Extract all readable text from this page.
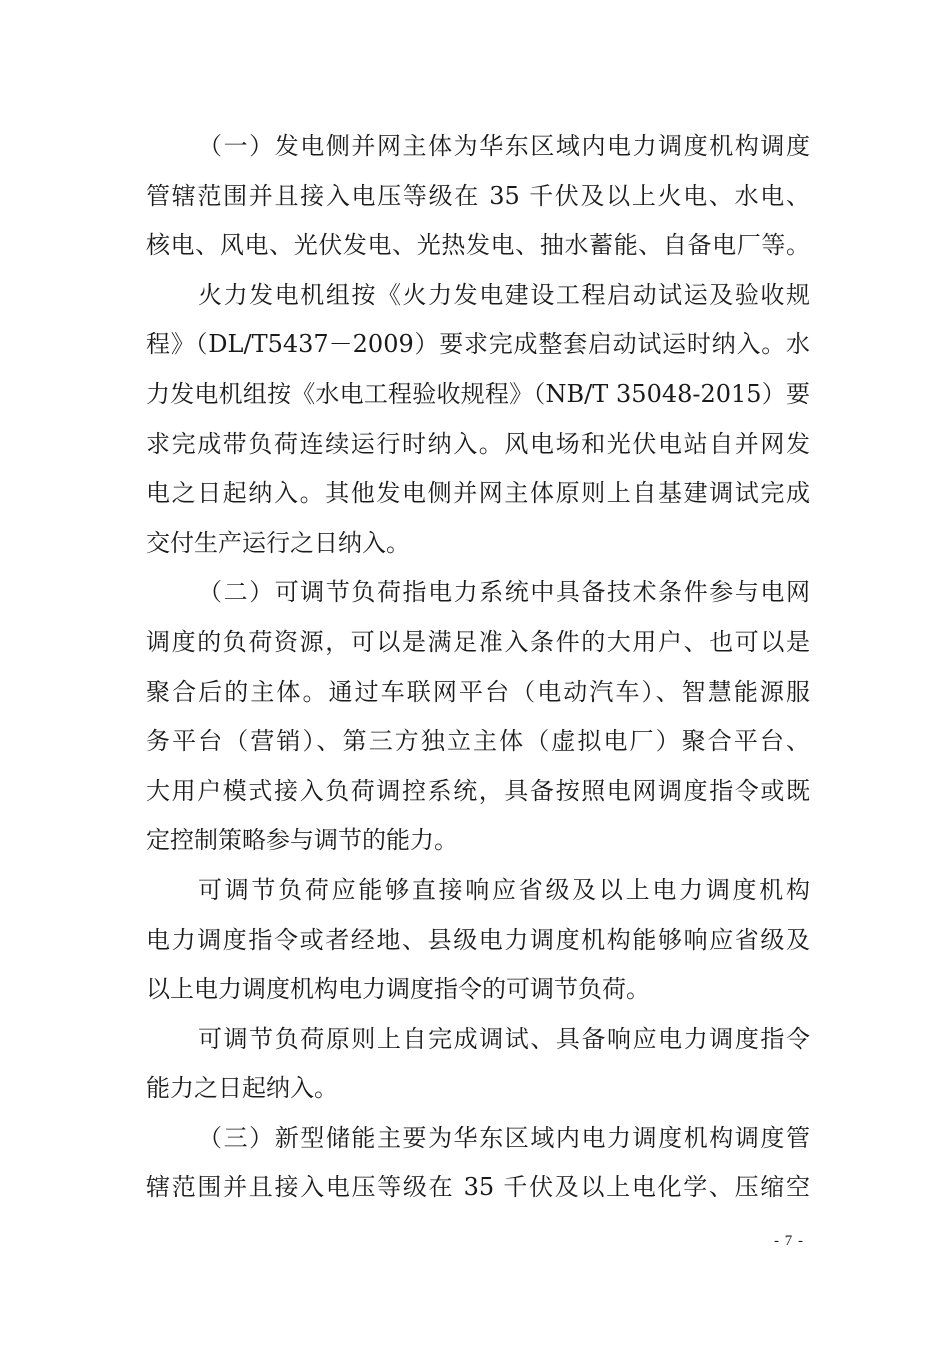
（一）发电侧并网主体为华东区域内电力调度机构调度
管辖范围并且接入电压等级在 35 千伏及以上火电、水电、
核电、风电、光伏发电、光热发电、抽水蓄能、自备电厂等。
火力发电机组按《火力发电建设工程启动试运及验收规
程》（DL/T5437－2009）要求完成整套启动试运时纳入。水
力发电机组按《水电工程验收规程》（NB/T 35048-2015）要
求完成带负荷连续运行时纳入。风电场和光伏电站自并网发
电之日起纳入。其他发电侧并网主体原则上自基建调试完成
交付生产运行之日纳入。
（二）可调节负荷指电力系统中具备技术条件参与电网
调度的负荷资源，可以是满足准入条件的大用户、也可以是
聚合后的主体。通过车联网平台（电动汽车）、智慧能源服
务平台（营销）、第三方独立主体（虚拟电厂）聚合平台、
大用户模式接入负荷调控系统，具备按照电网调度指令或既
定控制策略参与调节的能力。
可调节负荷应能够直接响应省级及以上电力调度机构
电力调度指令或者经地、县级电力调度机构能够响应省级及
以上电力调度机构电力调度指令的可调节负荷。
可调节负荷原则上自完成调试、具备响应电力调度指令
能力之日起纳入。
（三）新型储能主要为华东区域内电力调度机构调度管
辖范围并且接入电压等级在 35 千伏及以上电化学、压缩空
- 7 -
